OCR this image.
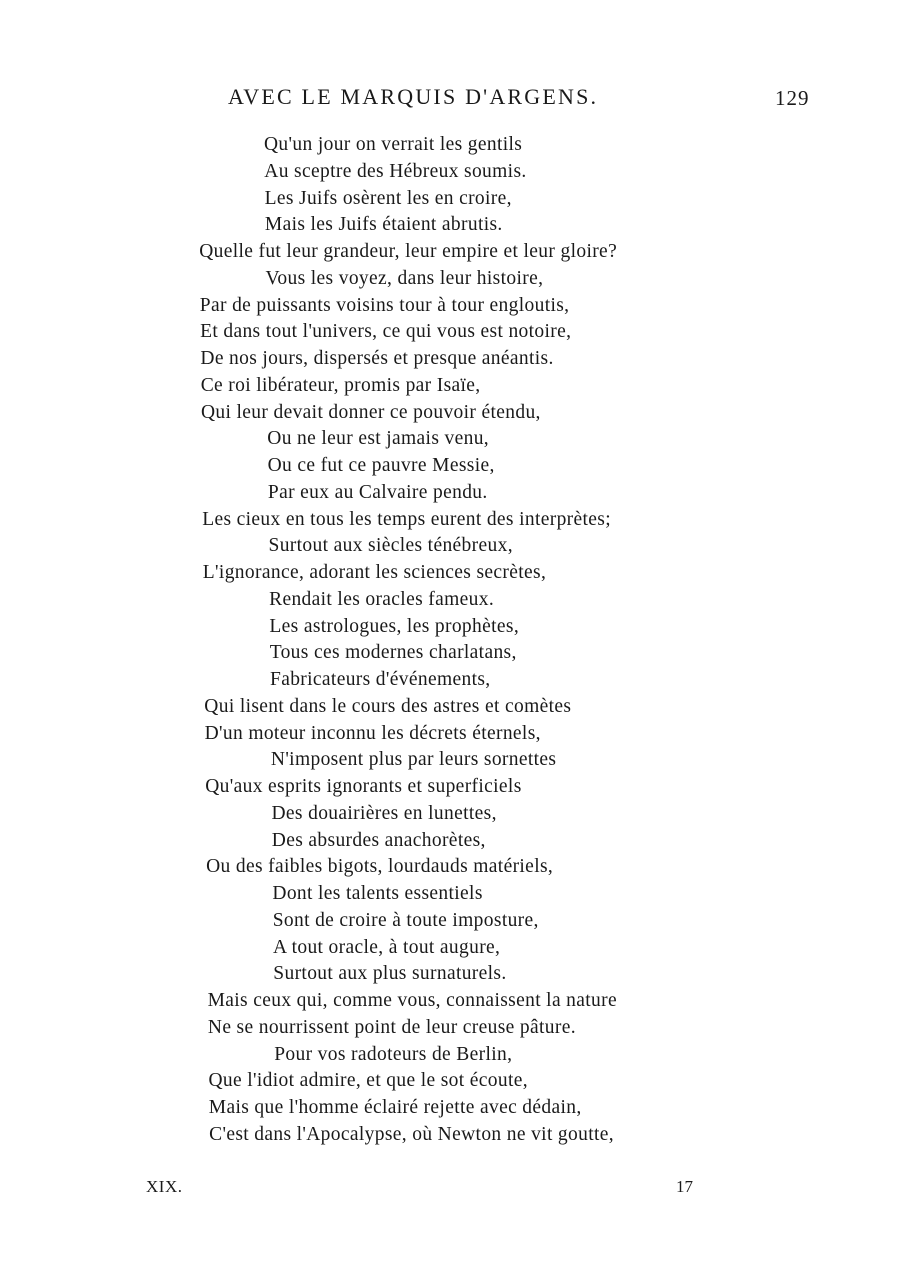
AVEC LE MARQUIS D'ARGENS.	129
Qu'un jour on verrait les gentils
Au sceptre des Hébreux soumis.
Les Juifs osèrent les en croire,
Mais les Juifs étaient abrutis.
Quelle fut leur grandeur, leur empire et leur gloire?
Vous les voyez, dans leur histoire,
Par de puissants voisins tour à tour engloutis,
Et dans tout l'univers, ce qui vous est notoire,
De nos jours, dispersés et presque anéantis.
Ce roi libérateur, promis par Isaïe,
Qui leur devait donner ce pouvoir étendu,
Ou ne leur est jamais venu,
Ou ce fut ce pauvre Messie,
Par eux au Calvaire pendu.
Les cieux en tous les temps eurent des interprètes;
Surtout aux siècles ténébreux,
L'ignorance, adorant les sciences secrètes,
Rendait les oracles fameux.
Les astrologues, les prophètes,
Tous ces modernes charlatans,
Fabricateurs d'événements,
Qui lisent dans le cours des astres et comètes
D'un moteur inconnu les décrets éternels,
N'imposent plus par leurs sornettes
Qu'aux esprits ignorants et superficiels
Des douairières en lunettes,
Des absurdes anachorètes,
Ou des faibles bigots, lourdauds matériels,
Dont les talents essentiels
Sont de croire à toute imposture,
A tout oracle, à tout augure,
Surtout aux plus surnaturels.
Mais ceux qui, comme vous, connaissent la nature
Ne se nourrissent point de leur creuse pâture.
Pour vos radoteurs de Berlin,
Que l'idiot admire, et que le sot écoute,
Mais que l'homme éclairé rejette avec dédain,
C'est dans l'Apocalypse, où Newton ne vit goutte,
XIX.	17
